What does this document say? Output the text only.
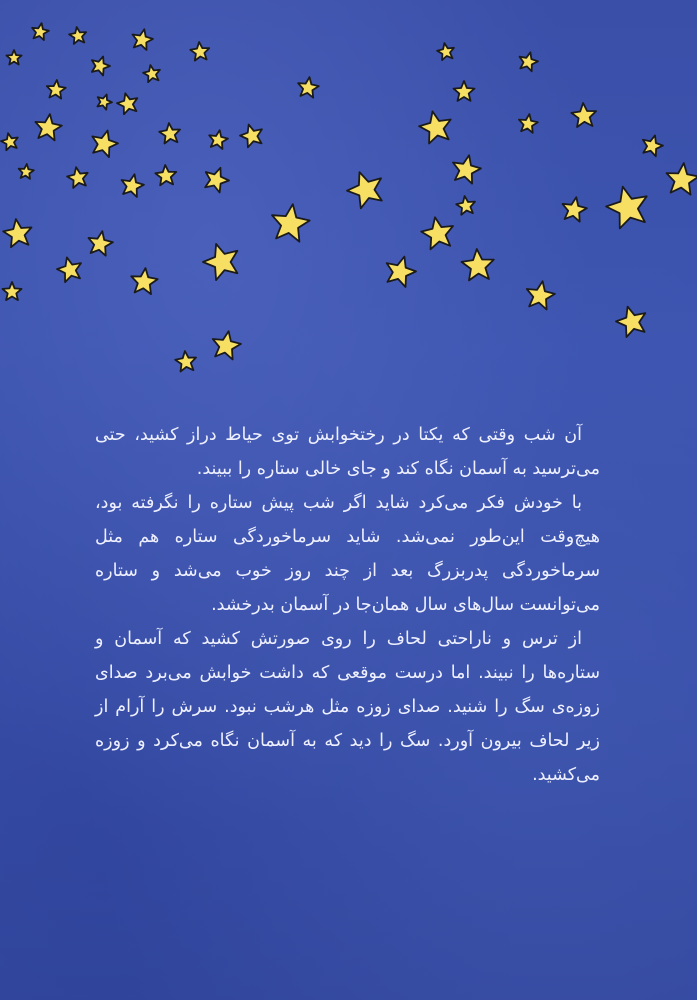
آن شب وقتی که یکتا در رختخوابش توی حیاط دراز کشید، حتی می‌ترسید به آسمان نگاه کند و جای خالی ستاره را ببیند.

با خودش فکر می‌کرد شاید اگر شب پیش ستاره را نگرفته بود، هیچ‌وقت این‌طور نمی‌شد. شاید سرماخوردگی ستاره هم مثل سرماخوردگی پدربزرگ بعد از چند روز خوب می‌شد و ستاره می‌توانست سال‌های سال همان‌جا در آسمان بدرخشد.

از ترس و ناراحتی لحاف را روی صورتش کشید که آسمان و ستاره‌ها را نبیند. اما درست موقعی که داشت خوابش می‌برد صدای زوزه‌ی سگ را شنید. صدای زوزه مثل هرشب نبود. سرش را آرام از زیر لحاف بیرون آورد. سگ را دید که به آسمان نگاه می‌کرد و زوزه می‌کشید.
